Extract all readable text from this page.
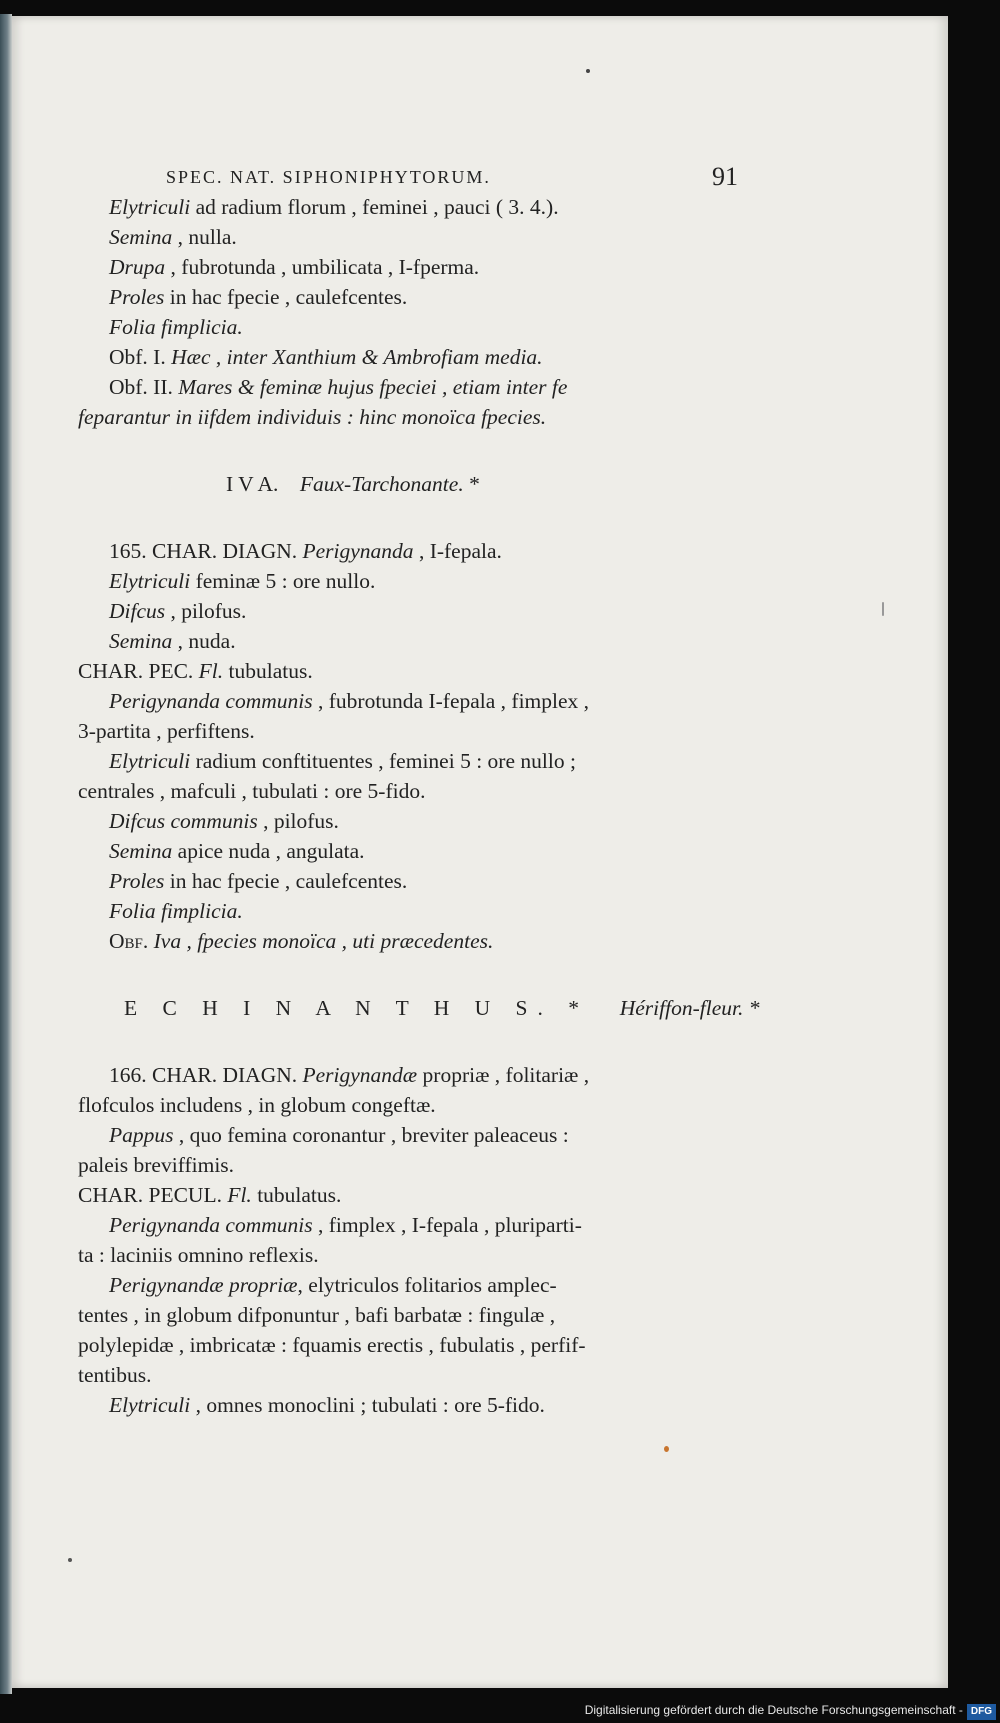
SPEC. NAT. SIPHONIPHYTORUM.	91
Elytriculi ad radium florum , feminei , pauci ( 3. 4.).
Semina , nulla.
Drupa , fubrotunda , umbilicata , I-fperma.
Proles in hac fpecie , caulefcentes.
Folia fimplicia.
Obf. I. Hæc , inter Xanthium & Ambrofiam media.
Obf. II. Mares & feminæ hujus fpeciei , etiam inter fe
feparantur in iifdem individuis : hinc monoïca fpecies.
I V A. Faux-Tarchonante. *
165. CHAR. DIAGN. Perigynanda , I-fepala.
Elytriculi feminæ 5 : ore nullo.
Difcus , pilofus.
Semina , nuda.
CHAR. PEC. Fl. tubulatus.
Perigynanda communis , fubrotunda I-fepala , fimplex ,
3-partita , perfiftens.
Elytriculi radium conftituentes , feminei 5 : ore nullo ;
centrales , mafculi , tubulati : ore 5-fido.
Difcus communis , pilofus.
Semina apice nuda , angulata.
Proles in hac fpecie , caulefcentes.
Folia fimplicia.
Obf. Iva , fpecies monoïca , uti præcedentes.
E C H I N A N T H U S. * Hériffon-fleur. *
166. CHAR. DIAGN. Perigynandæ propriæ , folitariæ ,
flofculos includens , in globum congeftæ.
Pappus , quo femina coronantur , breviter paleaceus :
paleis breviffimis.
CHAR. PECUL. Fl. tubulatus.
Perigynanda communis , fimplex , I-fepala , pluriparti-
ta : laciniis omnino reflexis.
Perigynandæ propriæ, elytriculos folitarios amplec-
tentes , in globum difponuntur , bafi barbatæ : fingulæ ,
polylepidæ , imbricatæ : fquamis erectis , fubulatis , perfif-
tentibus.
Elytriculi , omnes monoclini ; tubulati : ore 5-fido.
Digitalisierung gefördert durch die Deutsche Forschungsgemeinschaft - DFG
